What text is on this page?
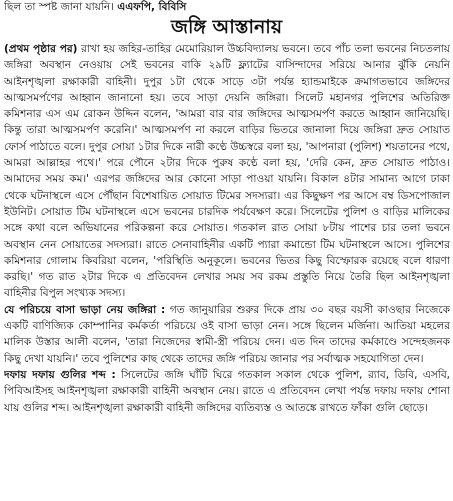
ছিল তা স্পষ্ট জানা যায়নি। এএফপি, বিবিসি
জঙ্গি আস্তানায়

(প্রথম পৃষ্ঠার পর) রাখা হয় জহির-তাহির মেমোরিয়াল উচ্চবিদ্যালয় ভবনে। তবে পাঁচ তলা ভবনের নিচতলায় জঙ্গিরা অবস্থান নেওয়ায় সেই ভবনের বাকি ২৯টি ফ্ল্যাটের বাসিন্দাদের সরিয়ে আনার ঝুঁকি নেয়নি আইনশৃঙ্খলা রক্ষাকারী বাহিনী। দুপুর ১টা থেকে সাড়ে ৩টা পর্যন্ত হ্যান্ডমাইকে ক্রমাগতভাবে জঙ্গিদের আত্মসমর্পণের আহ্বান জানানো হয়। তবে সাড়া দেয়নি জঙ্গিরা। সিলেট মহানগর পুলিশের অতিরিক্ত কমিশনার এস এম রোকন উদ্দিন বলেন, 'আমরা বার বার জঙ্গিদের আত্মসমর্পণ করতে আহ্বান জানিয়েছি। কিন্তু তারা আত্মসমর্পণ করেনি।' আত্মসমর্পণ না করলে বাড়ির ভিতরে জানালা দিয়ে জঙ্গিরা দ্রুত সোয়াত ফোর্স পাঠাতে বলে। দুপুর সোয়া ১টার দিকে নারী কণ্ঠে উচ্চস্বরে বলা হয়, 'আপনারা (পুলিশ) শয়তানের পথে, আমরা আল্লাহর পথে।' পরে পৌনে ২টার দিকে পুরুষ কণ্ঠে বলা হয়, 'দেরি কেন, দ্রুত সোয়াত পাঠাও। আমাদের সময় কম।' এরপর জঙ্গিদের আর কোনো সাড়া পাওয়া যায়নি। বিকাল ৪টার সামান্য আগে ঢাকা থেকে ঘটনাস্থলে এসে পৌঁছান বিশেষায়িত সোয়াত টিমের সদস্যরা। এর কিছুক্ষণ পর আসে বম্ব ডিসপোজাল ইউনিট। সোয়াত টিম ঘটনাস্থলে এসে ভবনের চারদিক পর্যবেক্ষণ করে। সিলেটের পুলিশ ও বাড়ির মালিকের সঙ্গে কথা বলে অভিযানের পরিকল্পনা করে সোয়াত। গতকাল রাত সোয়া ৮টায় পাশের চার তলা ভবনে অবস্থান নেন সোয়াতের সদস্যরা। রাতে সেনাবাহিনীর একটি প্যারা কমান্ডো টিম ঘটনাস্থলে আসে। পুলিশের কমিশনার গোলাম কিবরিয়া বলেন, 'পরিস্থিতি অনুকূলে। ভবনের ভিতর কিছু বিস্ফোরক রয়েছে বলে ধারণা করছি।' গত রাত ২টার দিকে এ প্রতিবেদন লেখার সময় সব রকম প্রস্তুতি নিয়ে তৈরি ছিল আইনশৃঙ্খলা বাহিনীর বিপুল সংখ্যক সদস্য।

যে পরিচয়ে বাসা ভাড়া নেয় জঙ্গিরা : গত জানুয়ারির শুরুর দিকে প্রায় ৩০ বছর বয়সী কাওছার নিজেকে একটি বাণিজ্যিক কোম্পানির কর্মকর্তা পরিচয়ে ওই বাসা ভাড়া নেন। সঙ্গে ছিলেন মর্জিনা। আতিয়া মহলের মালিক উস্তার আলী বলেন, 'তারা নিজেদের স্বামী-স্ত্রী পরিচয় দেন। এত দিন তাদের কর্মকাণ্ডে সন্দেহজনক কিছু দেখা যায়নি।' তবে পুলিশের কাছ থেকে তাদের জঙ্গি পরিচয় জানার পর সর্বাত্মক সহযোগিতা দেন।

দফায় দফায় গুলির শব্দ : সিলেটের জঙ্গি ঘাঁটি ঘিরে গতকাল সকাল থেকে পুলিশ, র‍্যাব, ডিবি, এসবি, পিবিআইসহ আইনশৃঙ্খলা রক্ষাকারী বাহিনী অবস্থান নেয়। রাতে এ প্রতিবেদন লেখা পর্যন্ত দফায় দফায় শোনা যায় গুলির শব্দ। আইনশৃঙ্খলা রক্ষাকারী বাহিনী জঙ্গিদের ব্যতিব্যস্ত ও আতঙ্কে রাখতে ফাঁকা গুলি ছোড়ে।
